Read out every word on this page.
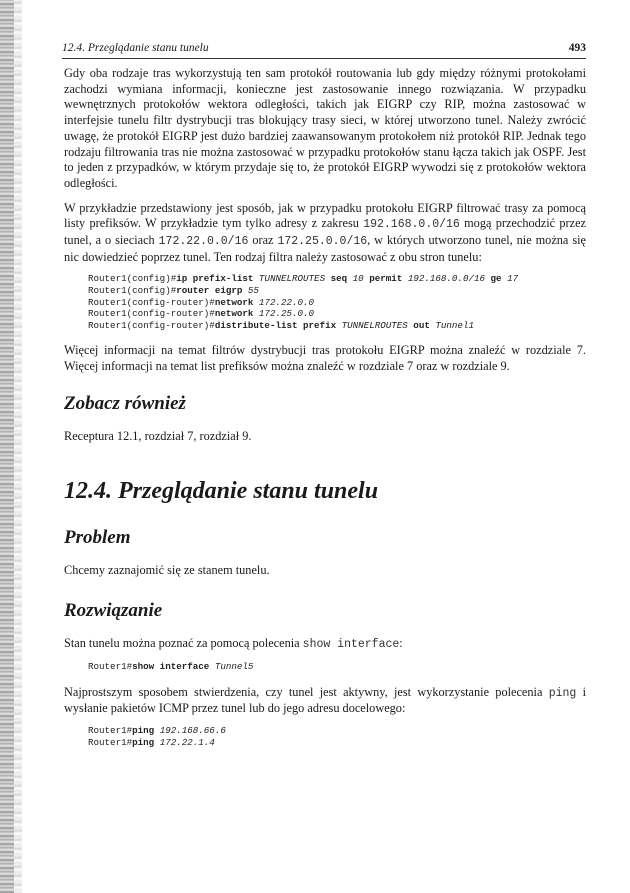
12.4. Przeglądanie stanu tunelu	493

Gdy oba rodzaje tras wykorzystują ten sam protokół routowania lub gdy między różnymi protokołami zachodzi wymiana informacji, konieczne jest zastosowanie innego rozwiązania. W przypadku wewnętrznych protokołów wektora odległości, takich jak EIGRP czy RIP, można zastosować w interfejsie tunelu filtr dystrybucji tras blokujący trasy sieci, w której utworzono tunel. Należy zwrócić uwagę, że protokół EIGRP jest dużo bardziej zaawansowanym protokołem niż protokół RIP. Jednak tego rodzaju filtrowania tras nie można zastosować w przypadku protokołów stanu łącza takich jak OSPF. Jest to jeden z przypadków, w którym przydaje się to, że protokół EIGRP wywodzi się z protokołów wektora odległości.

W przykładzie przedstawiony jest sposób, jak w przypadku protokołu EIGRP filtrować trasy za pomocą listy prefiksów. W przykładzie tym tylko adresy z zakresu 192.168.0.0/16 mogą przechodzić przez tunel, a o sieciach 172.22.0.0/16 oraz 172.25.0.0/16, w których utworzono tunel, nie można się nic dowiedzieć poprzez tunel. Ten rodzaj filtra należy zastosować z obu stron tunelu:

Router1(config)#ip prefix-list TUNNELROUTES seq 10 permit 192.168.0.0/16 ge 17
Router1(config)#router eigrp 55
Router1(config-router)#network 172.22.0.0
Router1(config-router)#network 172.25.0.0
Router1(config-router)#distribute-list prefix TUNNELROUTES out Tunnel1

Więcej informacji na temat filtrów dystrybucji tras protokołu EIGRP można znaleźć w rozdziale 7. Więcej informacji na temat list prefiksów można znaleźć w rozdziale 7 oraz w rozdziale 9.

Zobacz również

Receptura 12.1, rozdział 7, rozdział 9.

12.4. Przeglądanie stanu tunelu
Problem

Chcemy zaznajomić się ze stanem tunelu.

Rozwiązanie

Stan tunelu można poznać za pomocą polecenia show interface:

Router1#show interface Tunnel5

Najprostszym sposobem stwierdzenia, czy tunel jest aktywny, jest wykorzystanie polecenia ping i wysłanie pakietów ICMP przez tunel lub do jego adresu docelowego:

Router1#ping 192.168.66.6
Router1#ping 172.22.1.4
